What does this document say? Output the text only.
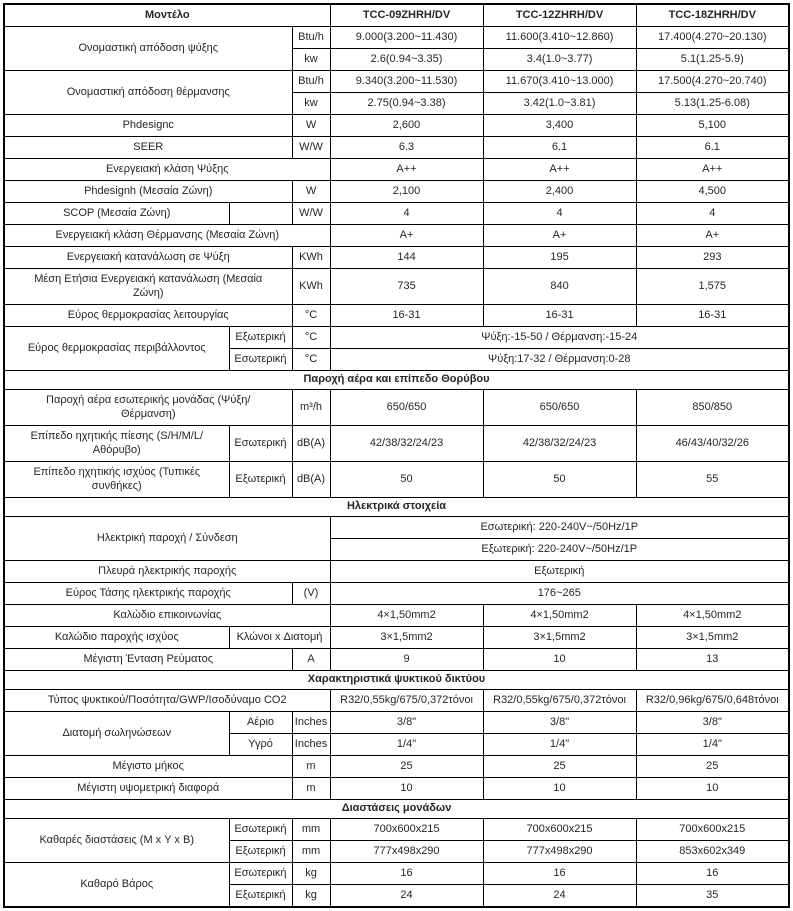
Μοντέλο			TCC-09ZHRH/DV	TCC-12ZHRH/DV	TCC-18ZHRH/DV
Ονομαστική απόδοση ψύξης		Btu/h	9.000(3.200~11.430)	11.600(3.410~12.860)	17.400(4.270~20.130)
		kw	2.6(0.94~3.35)	3.4(1.0~3.77)	5.1(1.25-5.9)
Ονομαστική απόδοση θέρμανσης		Btu/h	9.340(3.200~11.530)	11.670(3.410~13.000)	17.500(4.270~20.740)
		kw	2.75(0.94~3.38)	3.42(1.0~3.81)	5.13(1.25-6.08)
Phdesignc		W	2,600	3,400	5,100
SEER		W/W	6.3	6.1	6.1
Ενεργειακή κλάση Ψύξης			A++	A++	A++
Phdesignh (Μεσαία Ζώνη)		W	2,100	2,400	4,500
SCOP (Μεσαία Ζώνη)		W/W	4	4	4
Ενεργειακή κλάση Θέρμανσης (Μεσαία Ζώνη)			A+	A+	A+
Ενεργειακή κατανάλωση σε Ψύξη		KWh	144	195	293
Μέση Ετήσια Ενεργειακή κατανάλωση (Μεσαία Ζώνη)		KWh	735	840	1,575
Εύρος θερμοκρασίας λειτουργίας		°C	16-31	16-31	16-31
Εύρος θερμοκρασίας περιβάλλοντος	Εξωτερική	°C	Ψύξη:-15-50 / Θέρμανση:-15-24		
	Εσωτερική	°C	Ψύξη:17-32 / Θέρμανση:0-28		
Παροχή αέρα και επίπεδο Θορύβου					
Παροχή αέρα εσωτερικής μονάδας (Ψύξη/Θέρμανση)		m³/h	650/650	650/650	850/850
Επίπεδο ηχητικής πίεσης (S/H/M/L/Αθόρυβο)	Εσωτερική	dB(A)	42/38/32/24/23	42/38/32/24/23	46/43/40/32/26
Επίπεδο ηχητικής ισχύος (Τυπικές συνθήκες)	Εξωτερική	dB(A)	50	50	55
Ηλεκτρικά στοιχεία					
Ηλεκτρική παροχή / Σύνδεση			Εσωτερική: 220-240V~/50Hz/1P		
			Εξωτερική: 220-240V~/50Hz/1P		
Πλευρά ηλεκτρικής παροχής			Εξωτερική		
Εύρος Τάσης ηλεκτρικής παροχής		(V)	176~265		
Καλώδιο επικοινωνίας			4×1,50mm2	4×1,50mm2	4×1,50mm2
Καλώδιο παροχής ισχύος	Κλώνοι x Διατομή		3×1,5mm2	3×1,5mm2	3×1,5mm2
Μέγιστη Ένταση Ρεύματος		A	9	10	13
Χαρακτηριστικά ψυκτικού δικτύου					
Τύπος ψυκτικού/Ποσότητα/GWP/Ισοδύναμο CO2			R32/0,55kg/675/0,372τόνοι	R32/0,55kg/675/0,372τόνοι	R32/0,96kg/675/0,648τόνοι
Διατομή σωληνώσεων	Αέριο	Inches	3/8"	3/8"	3/8"
	Υγρό	Inches	1/4"	1/4"	1/4"
Μέγιστο μήκος		m	25	25	25
Μέγιστη υψομετρική διαφορά		m	10	10	10
Διαστάσεις μονάδων					
Καθαρές διαστάσεις (Μ x Υ x Β)	Εσωτερική	mm	700x600x215	700x600x215	700x600x215
	Εξωτερική	mm	777x498x290	777x498x290	853x602x349
Καθαρό Βάρος	Εσωτερική	kg	16	16	16
	Εξωτερική	kg	24	24	35
